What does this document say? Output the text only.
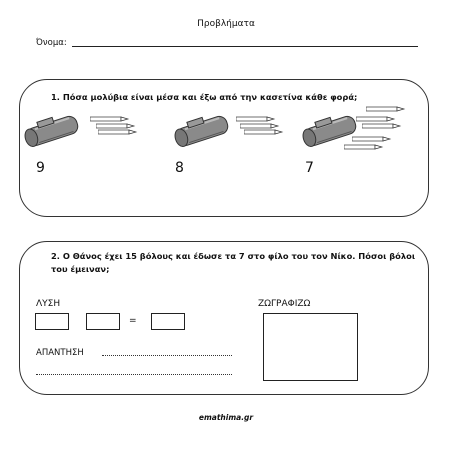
Προβλήματα
Όνομα:
1. Πόσα μολύβια είναι μέσα και έξω από την κασετίνα κάθε φορά;
9	8	7
2. Ο Θάνος έχει 15 βόλους και έδωσε τα 7 στο φίλο του τον Νίκο. Πόσοι βόλοι του έμειναν;
ΛΥΣΗ	ΖΩΓΡΑΦΙΖΩ
=
ΑΠΑΝΤΗΣΗ
emathima.gr
